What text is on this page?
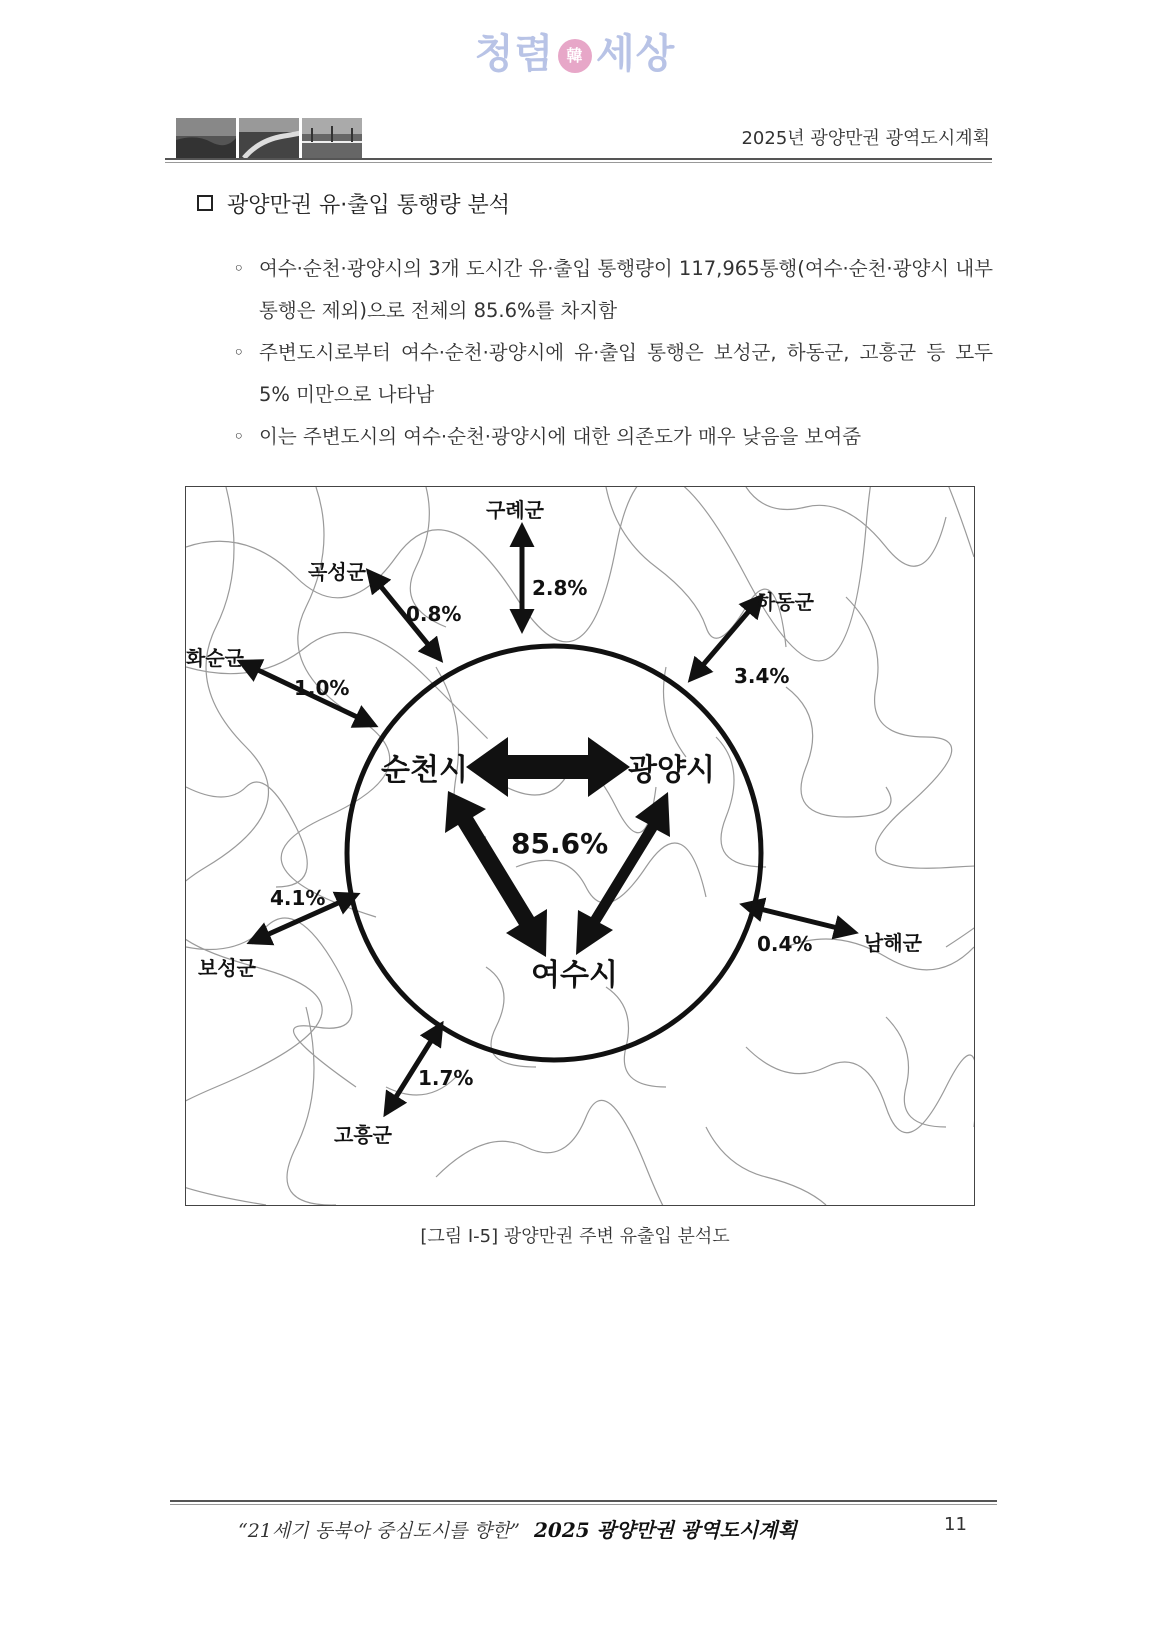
청렴 韓 세상
2025년 광양만권 광역도시계획
광양만권 유·출입 통행량 분석
◦ 여수·순천·광양시의 3개 도시간 유·출입 통행량이 117,965통행(여수·순천·광양시 내부 통행은 제외)으로 전체의 85.6%를 차지함
◦ 주변도시로부터 여수·순천·광양시에 유·출입 통행은 보성군, 하동군, 고흥군 등 모두 5% 미만으로 나타남
◦ 이는 주변도시의 여수·순천·광양시에 대한 의존도가 매우 낮음을 보여줌
순천시	광양시
여수시
85.6%
구례군
2.8%
곡성군
0.8%	하동군
3.4%
화순군
1.0%
보성군
4.1%
남해군
0.4%
고흥군
1.7%
[그림 Ⅰ-5] 광양만권 주변 유출입 분석도
“21세기 동북아 중심도시를 향한” 2025 광양만권 광역도시계획	11
